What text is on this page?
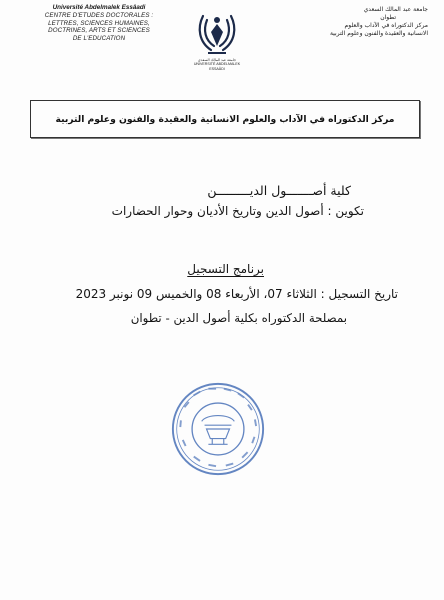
Université Abdelmalek Essâadi
CENTRE D'ETUDES DOCTORALES :
LETTRES, SCIENCES HUMAINES,
DOCTRINES, ARTS ET SCIENCES
DE L'EDUCATION
جامعة عبد المالك السعدي
UNIVERSITÉ ABDELMALEK ESSAÂDI
جامعة عبد المالك السعدي
تطوان
مركز الدكتوراه في الآداب والعلوم
الانسانية والعقيدة والفنون وعلوم التربية
مركز الدكتوراه في الآداب والعلوم الانسانية والعقيدة والفنون وعلوم التربية
كلية أصـــــــول الديـــــــــن
تكوين : أصول الدين وتاريخ الأديان وحوار الحضارات
برنامج التسجيل
تاريخ التسجيل : الثلاثاء 07، الأربعاء 08 والخميس 09 نونبر 2023
بمصلحة الدكتوراه بكلية أصول الدين - تطوان
